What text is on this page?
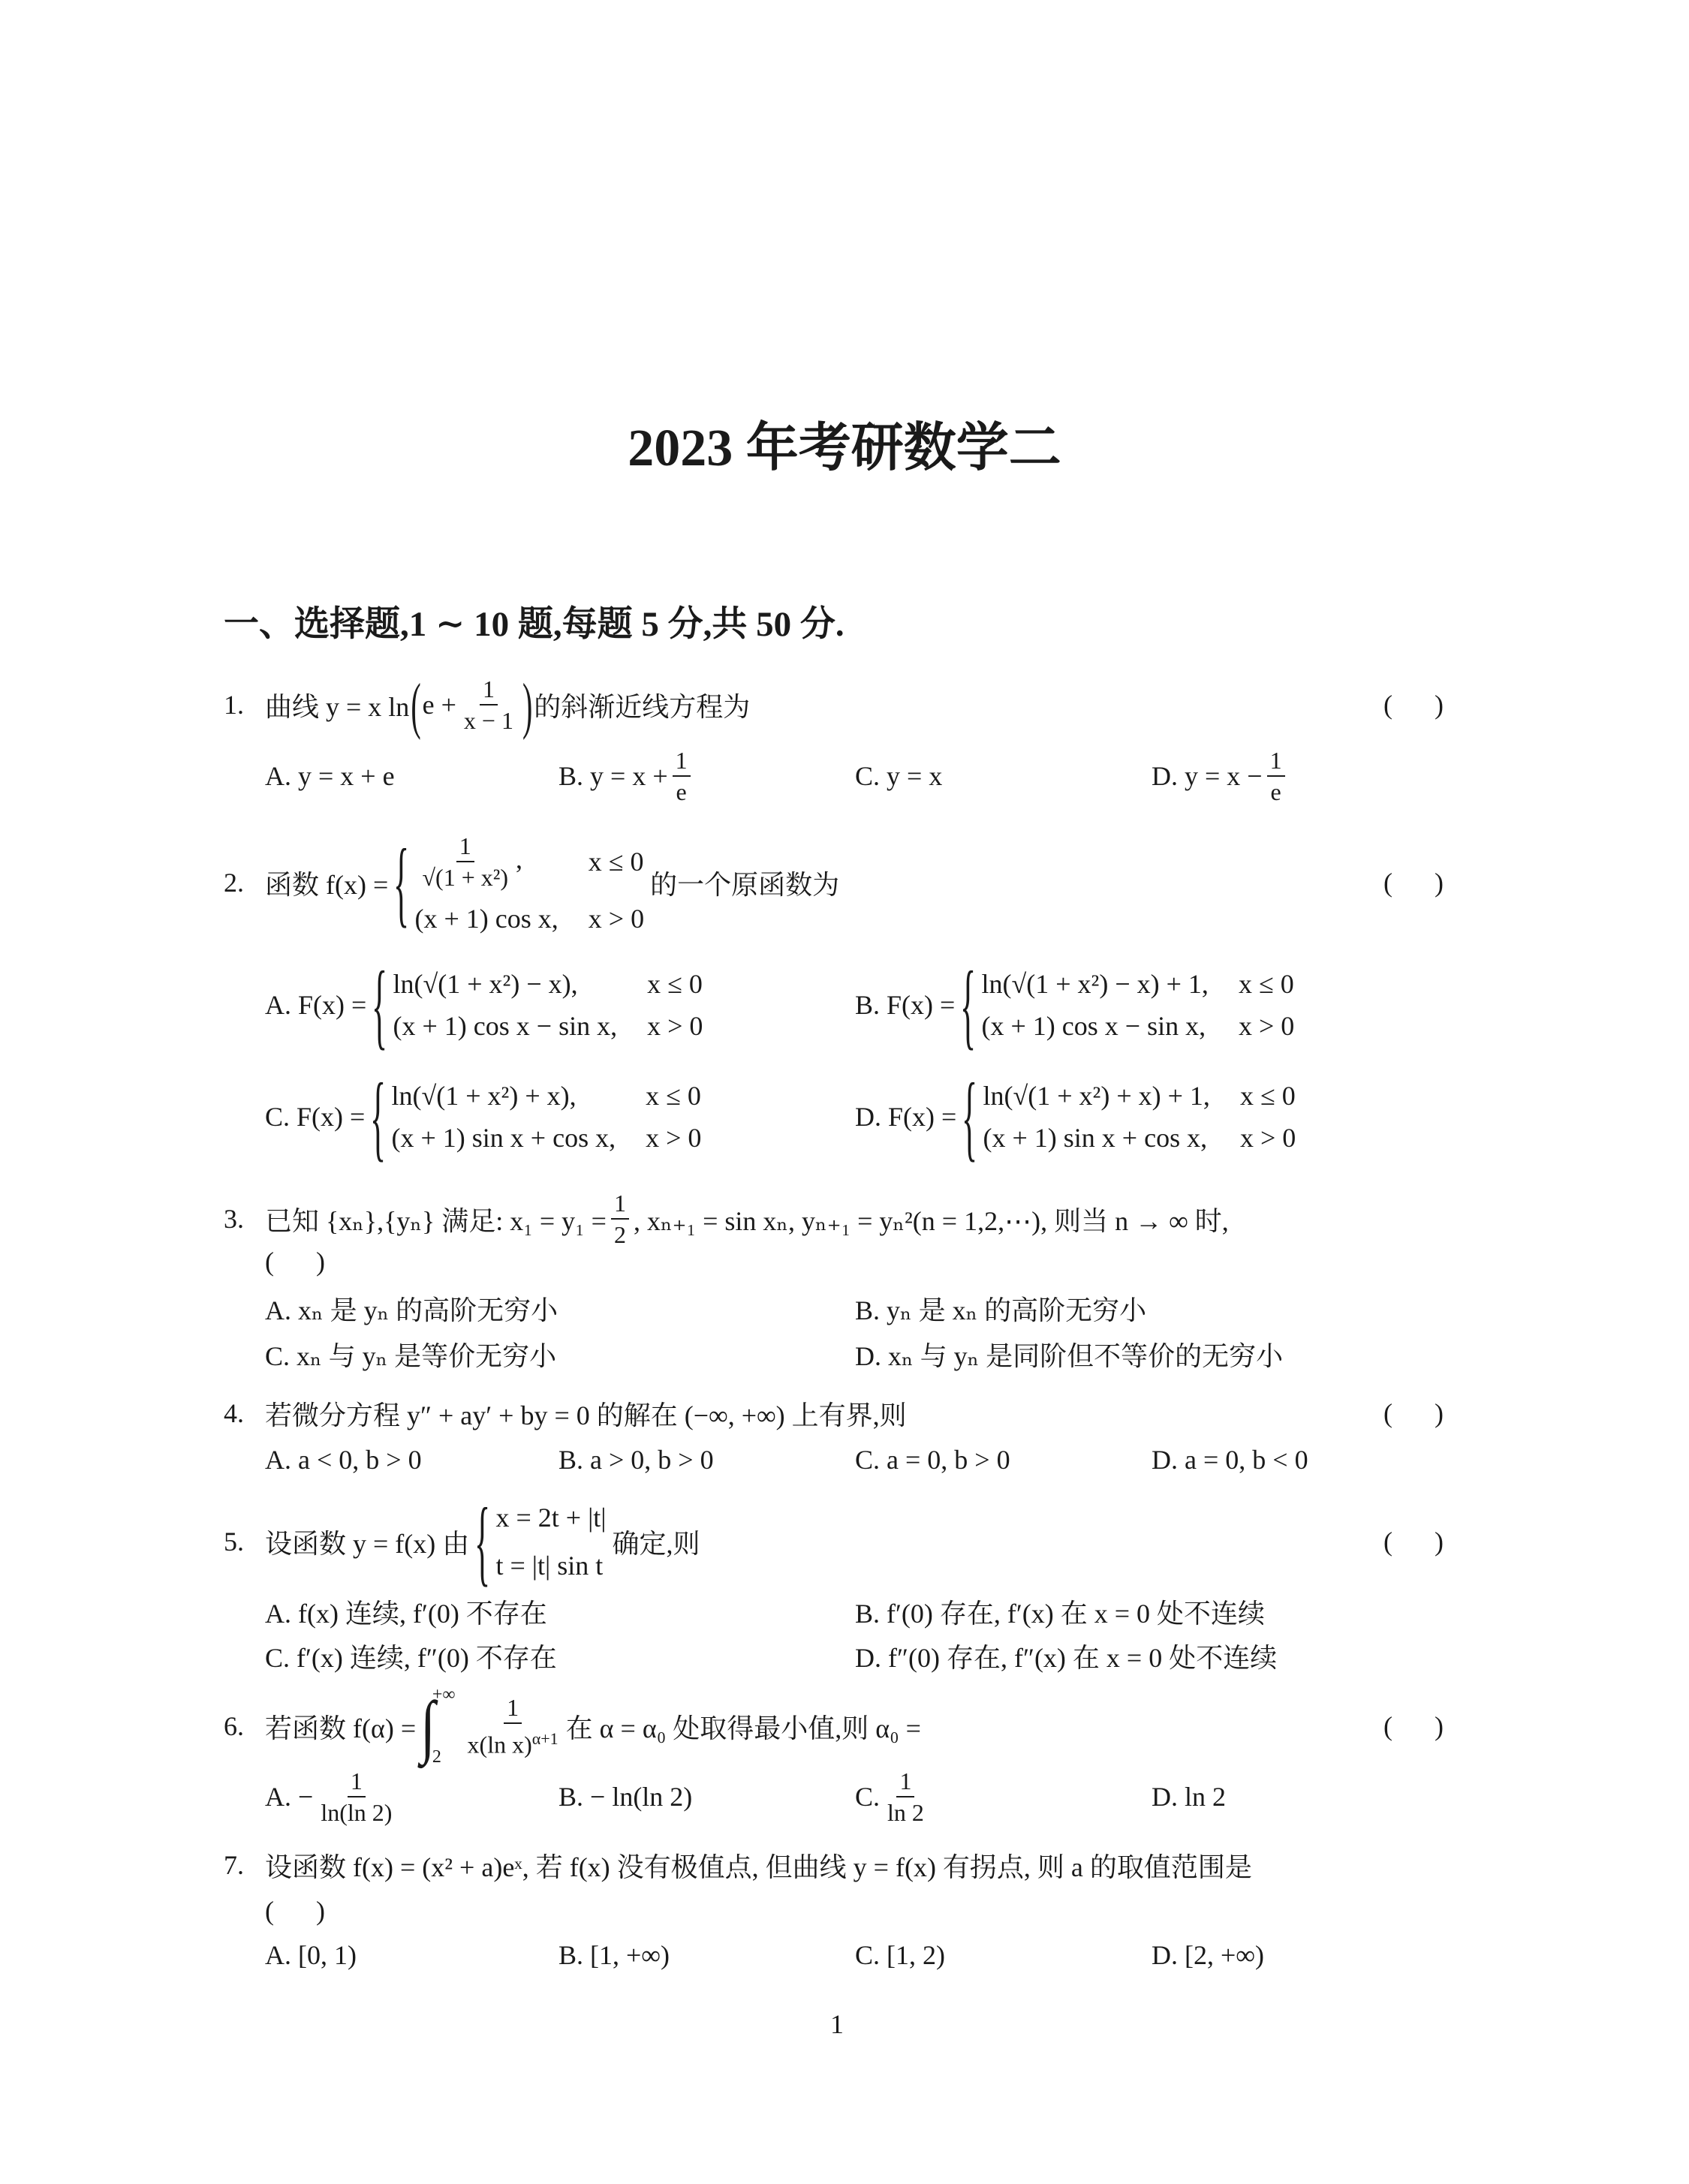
2023 年考研数学二
一、选择题,1 ∼ 10 题,每题 5 分,共 50 分.
1. 曲线 y = x ln ( $e + \frac{1}{x - 1}$ ) 的斜渐近线方程为	( )
A. y = x + e	B. $y = x + \frac{1}{e}$	C. y = x	D. $y = x - \frac{1}{e}$
2. 函数 f(x) = { $\frac{1}{\text{√(1 + x²)}}$ ,	x ≤ 0
(x + 1) cos x, x > 0
的一个原函数为	( )
A. F(x) = { ln(√(1 + x²) − x),	x ≤ 0
(x + 1) cos x − sin x, x > 0
B. F(x) = { ln(√(1 + x²) − x) + 1, x ≤ 0
(x + 1) cos x − sin x, x > 0
C. F(x) = { ln(√(1 + x²) + x),	x ≤ 0
(x + 1) sin x + cos x, x > 0
D. F(x) = { ln(√(1 + x²) + x) + 1, x ≤ 0
(x + 1) sin x + cos x, x > 0
3. 已知 {xₙ},{yₙ} 满足: $x_1 = y_1 = \frac{1}{2}$ , xₙ₊₁ = sin xₙ, yₙ₊₁ = yₙ²(n = 1,2,⋯), 则当 n → ∞ 时,
( )
A. xₙ 是 yₙ 的高阶无穷小	B. yₙ 是 xₙ 的高阶无穷小
C. xₙ 与 yₙ 是等价无穷小	D. xₙ 与 yₙ 是同阶但不等价的无穷小
4. 若微分方程 y″ + ay′ + by = 0 的解在 (−∞, +∞) 上有界,则	( )
A. a < 0, b > 0	B. a > 0, b > 0	C. a = 0, b > 0	D. a = 0, b < 0
5. 设函数 y = f(x) 由 { x = 2t + |t|
t = |t| sin t
确定,则	( )
A. f(x) 连续, f′(0) 不存在	B. f′(0) 存在, f′(x) 在 x = 0 处不连续
C. f′(x) 连续, f″(0) 不存在	D. f″(0) 存在, f″(x) 在 x = 0 处不连续
6. 若函数 f(α) = ∫
+∞
$2 \frac{1}{x(\ln x)^{\alpha+1}}$ 在 α = α₀ 处取得最小值,则 α₀ =	( )
A. − $\frac{1}{\ln(\ln 2)}$	B. − ln(ln 2)	C. $\frac{1}{\ln 2}$	D. ln 2
7. 设函数 f(x) = (x² + a)eˣ, 若 f(x) 没有极值点, 但曲线 y = f(x) 有拐点, 则 a 的取值范围是
( )
A. [0, 1)	B. [1, +∞)	C. [1, 2)	D. [2, +∞)
1
